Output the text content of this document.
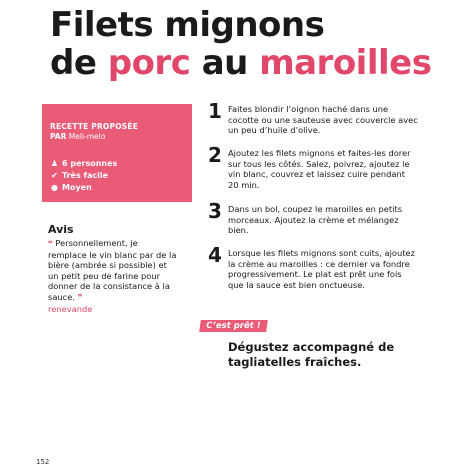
Filets mignons
de porc au maroilles
RECETTE PROPOSÉE
PAR Meli-melo
♟ 6 personnes
✔ Très facile
● Moyen
Avis

❝ Personnellement, je remplace le vin blanc par de la bière (ambrée si possible) et un petit peu de farine pour donner de la consistance à la sauce. ❞

renevande
1 Faites blondir l’oignon haché dans une cocotte ou une sauteuse avec couvercle avec un peu d’huile d’olive.
2 Ajoutez les filets mignons et faites-les dorer sur tous les côtés. Salez, poivrez, ajoutez le vin blanc, couvrez et laissez cuire pendant 20 min.
3 Dans un bol, coupez le maroilles en petits morceaux. Ajoutez la crème et mélangez bien.
4 Lorsque les filets mignons sont cuits, ajoutez la crème au maroilles : ce dernier va fondre progressivement. Le plat est prêt une fois que la sauce est bien onctueuse.
C’est prêt !

Dégustez accompagné de tagliatelles fraîches.

152
